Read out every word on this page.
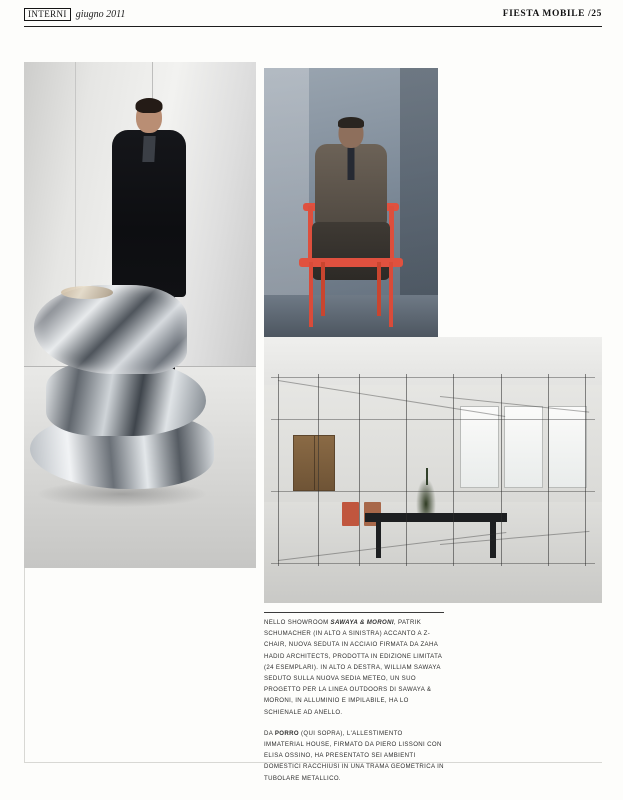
INTERNI giugno 2011	FIESTA MOBILE /25

NELLO SHOWROOM SAWAYA & MORONI, PATRIK SCHUMACHER (IN ALTO A SINISTRA) ACCANTO A Z-CHAIR, NUOVA SEDUTA IN ACCIAIO FIRMATA DA ZAHA HADID ARCHITECTS, PRODOTTA IN EDIZIONE LIMITATA (24 ESEMPLARI). IN ALTO A DESTRA, WILLIAM SAWAYA SEDUTO SULLA NUOVA SEDIA METEO, UN SUO PROGETTO PER LA LINEA OUTDOORS DI SAWAYA & MORONI, IN ALLUMINIO E IMPILABILE, HA LO SCHIENALE AD ANELLO.

DA PORRO (QUI SOPRA), L'ALLESTIMENTO IMMATERIAL HOUSE, FIRMATO DA PIERO LISSONI CON ELISA OSSINO, HA PRESENTATO SEI AMBIENTI DOMESTICI RACCHIUSI IN UNA TRAMA GEOMETRICA IN TUBOLARE METALLICO.
